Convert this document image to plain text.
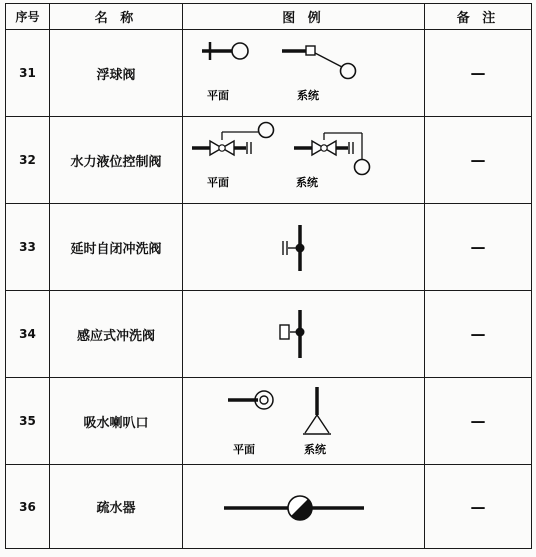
序号	名 称	图 例	备 注
31	浮球阀	平面 系统	—
32	水力液位控制阀	平面 系统	—
33	延时自闭冲洗阀		—
34	感应式冲洗阀		—
35	吸水喇叭口	平面 系统	—
36	疏水器		—
